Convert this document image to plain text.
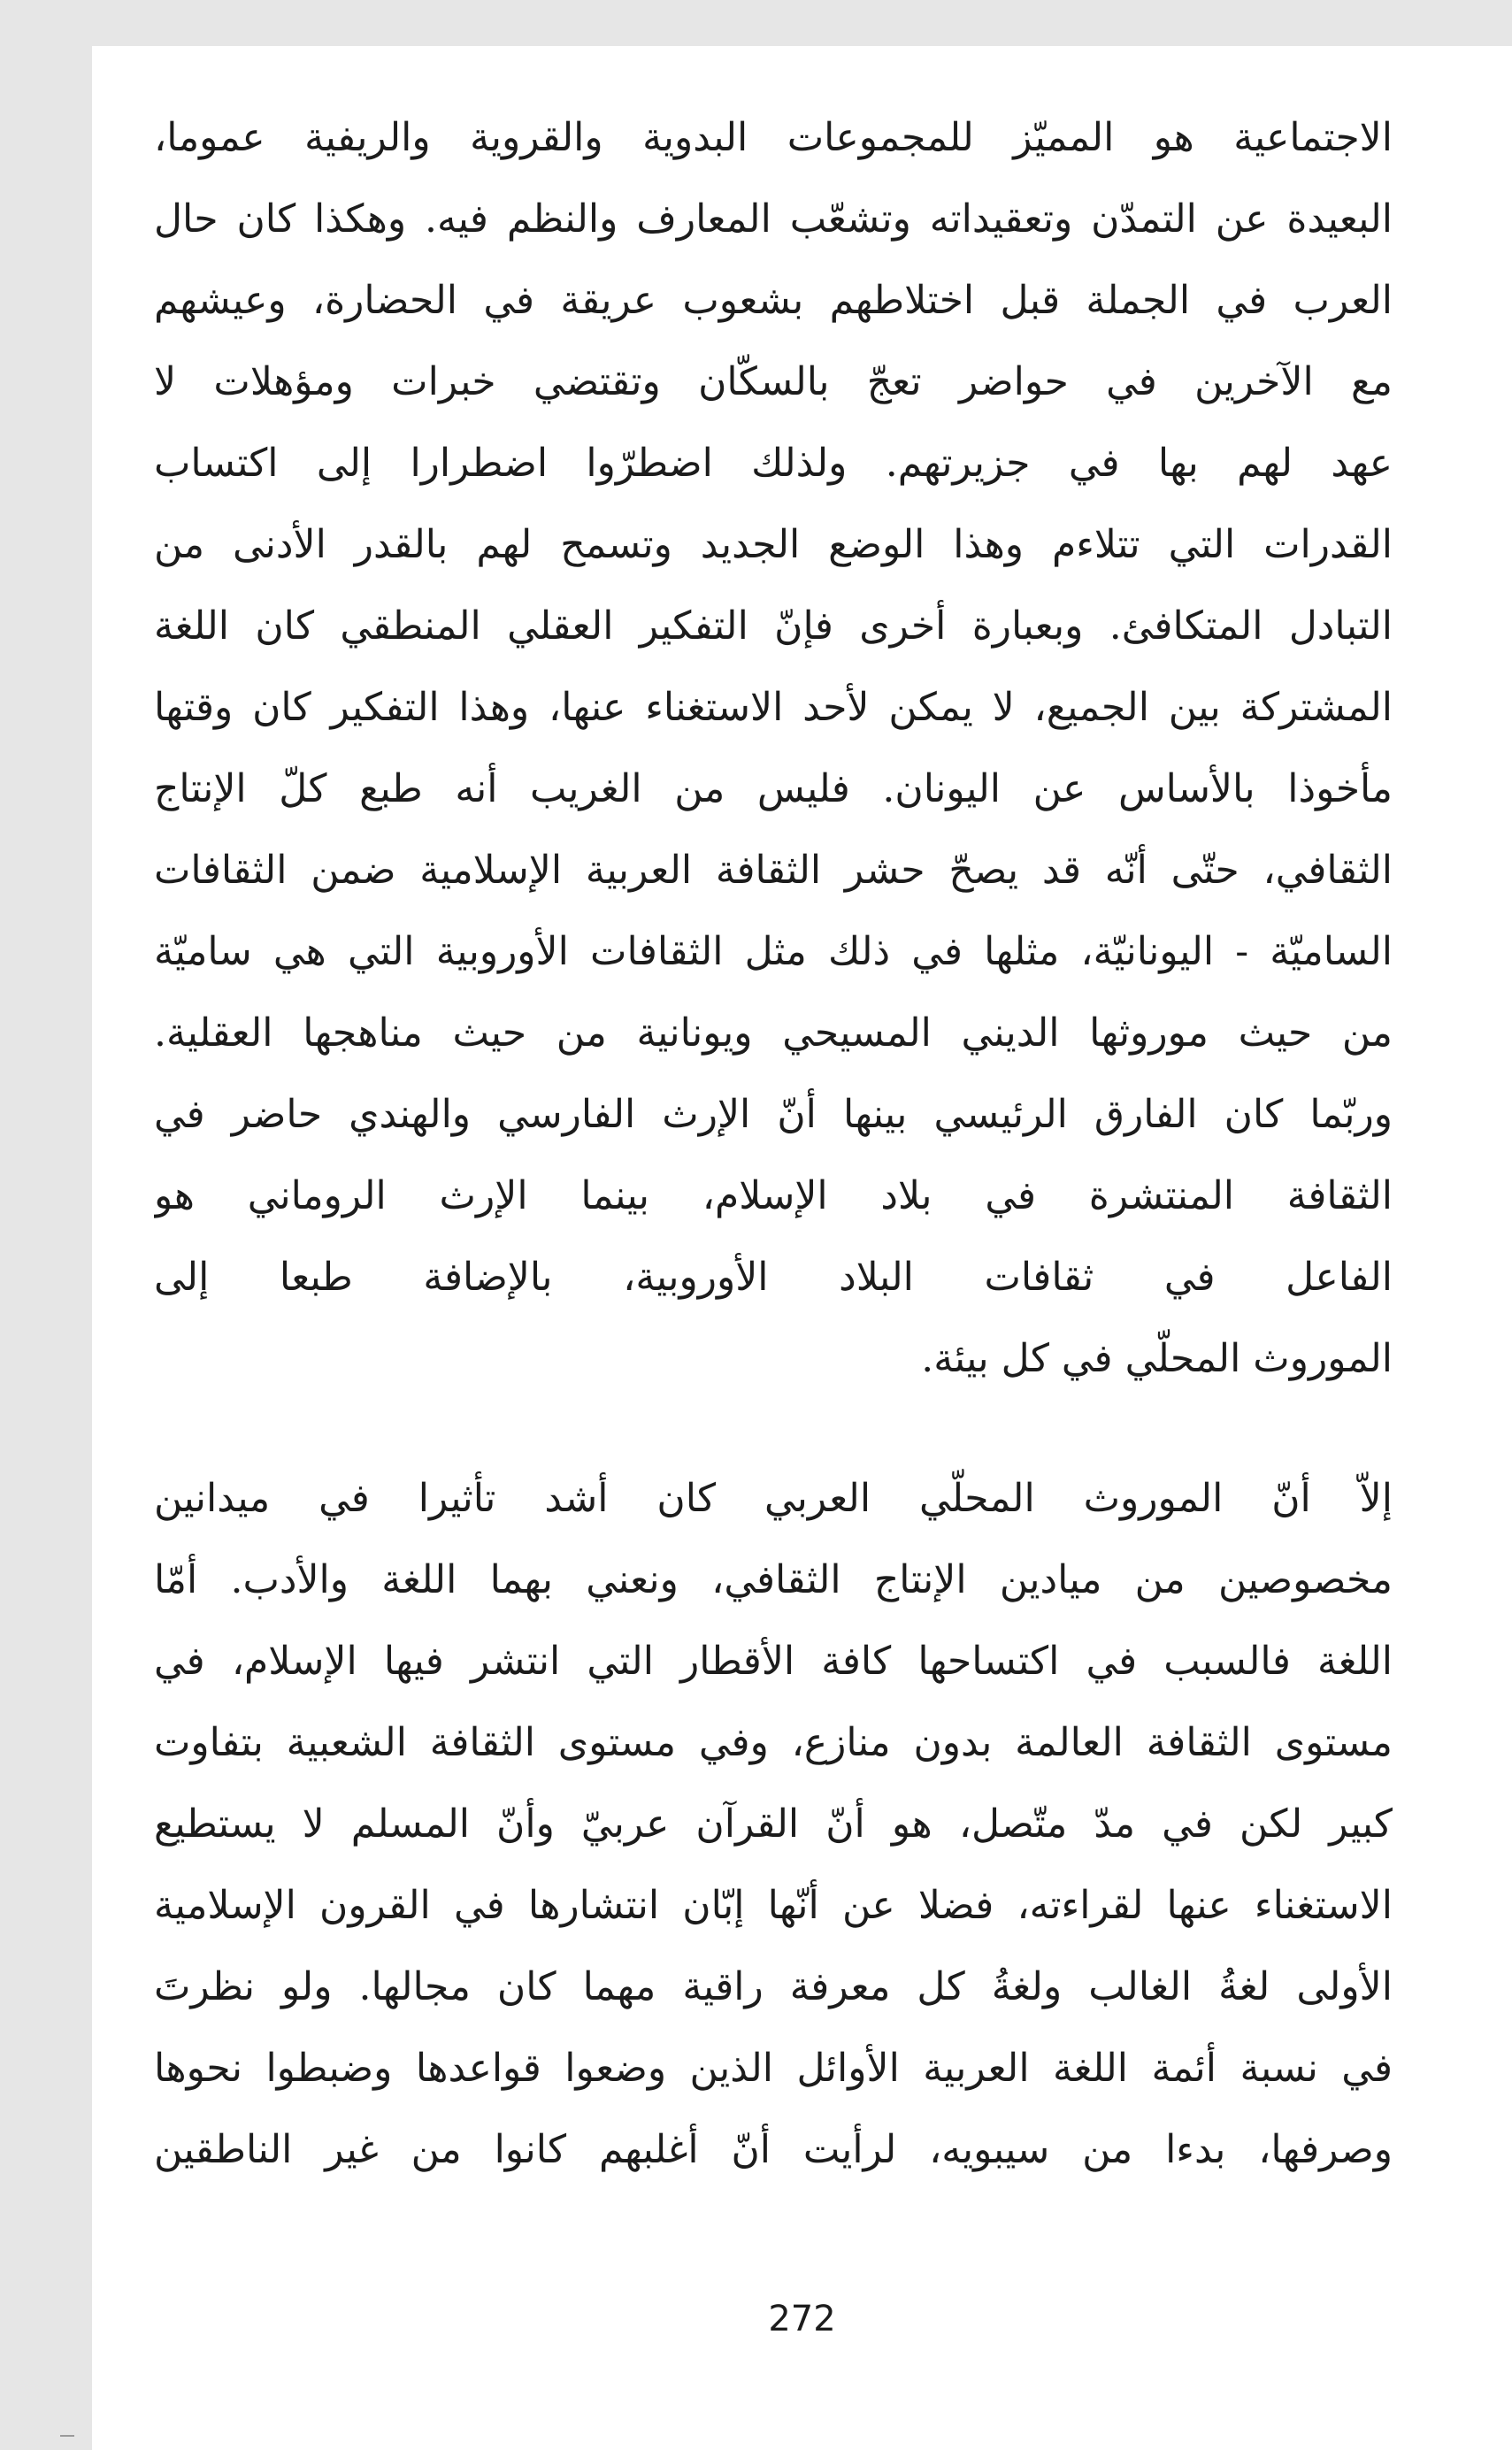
الاجتماعية هو المميّز للمجموعات البدوية والقروية والريفية عموما،
البعيدة عن التمدّن وتعقيداته وتشعّب المعارف والنظم فيه. وهكذا كان حال
العرب في الجملة قبل اختلاطهم بشعوب عريقة في الحضارة، وعيشهم
مع الآخرين في حواضر تعجّ بالسكّان وتقتضي خبرات ومؤهلات لا
عهد لهم بها في جزيرتهم. ولذلك اضطرّوا اضطرارا إلى اكتساب
القدرات التي تتلاءم وهذا الوضع الجديد وتسمح لهم بالقدر الأدنى من
التبادل المتكافئ. وبعبارة أخرى فإنّ التفكير العقلي المنطقي كان اللغة
المشتركة بين الجميع، لا يمكن لأحد الاستغناء عنها، وهذا التفكير كان وقتها
مأخوذا بالأساس عن اليونان. فليس من الغريب أنه طبع كلّ الإنتاج
الثقافي، حتّى أنّه قد يصحّ حشر الثقافة العربية الإسلامية ضمن الثقافات
الساميّة - اليونانيّة، مثلها في ذلك مثل الثقافات الأوروبية التي هي ساميّة
من حيث موروثها الديني المسيحي ويونانية من حيث مناهجها العقلية.
وربّما كان الفارق الرئيسي بينها أنّ الإرث الفارسي والهندي حاضر في
الثقافة المنتشرة في بلاد الإسلام، بينما الإرث الروماني هو
الفاعل في ثقافات البلاد الأوروبية، بالإضافة طبعا إلى
الموروث المحلّي في كل بيئة.

إلاّ أنّ الموروث المحلّي العربي كان أشد تأثيرا في ميدانين
مخصوصين من ميادين الإنتاج الثقافي، ونعني بهما اللغة والأدب. أمّا
اللغة فالسبب في اكتساحها كافة الأقطار التي انتشر فيها الإسلام، في
مستوى الثقافة العالمة بدون منازع، وفي مستوى الثقافة الشعبية بتفاوت
كبير لكن في مدّ متّصل، هو أنّ القرآن عربيّ وأنّ المسلم لا يستطيع
الاستغناء عنها لقراءته، فضلا عن أنّها إبّان انتشارها في القرون الإسلامية
الأولى لغةُ الغالب ولغةُ كل معرفة راقية مهما كان مجالها. ولو نظرتَ
في نسبة أئمة اللغة العربية الأوائل الذين وضعوا قواعدها وضبطوا نحوها
وصرفها، بدءا من سيبويه، لرأيت أنّ أغلبهم كانوا من غير الناطقين

272
